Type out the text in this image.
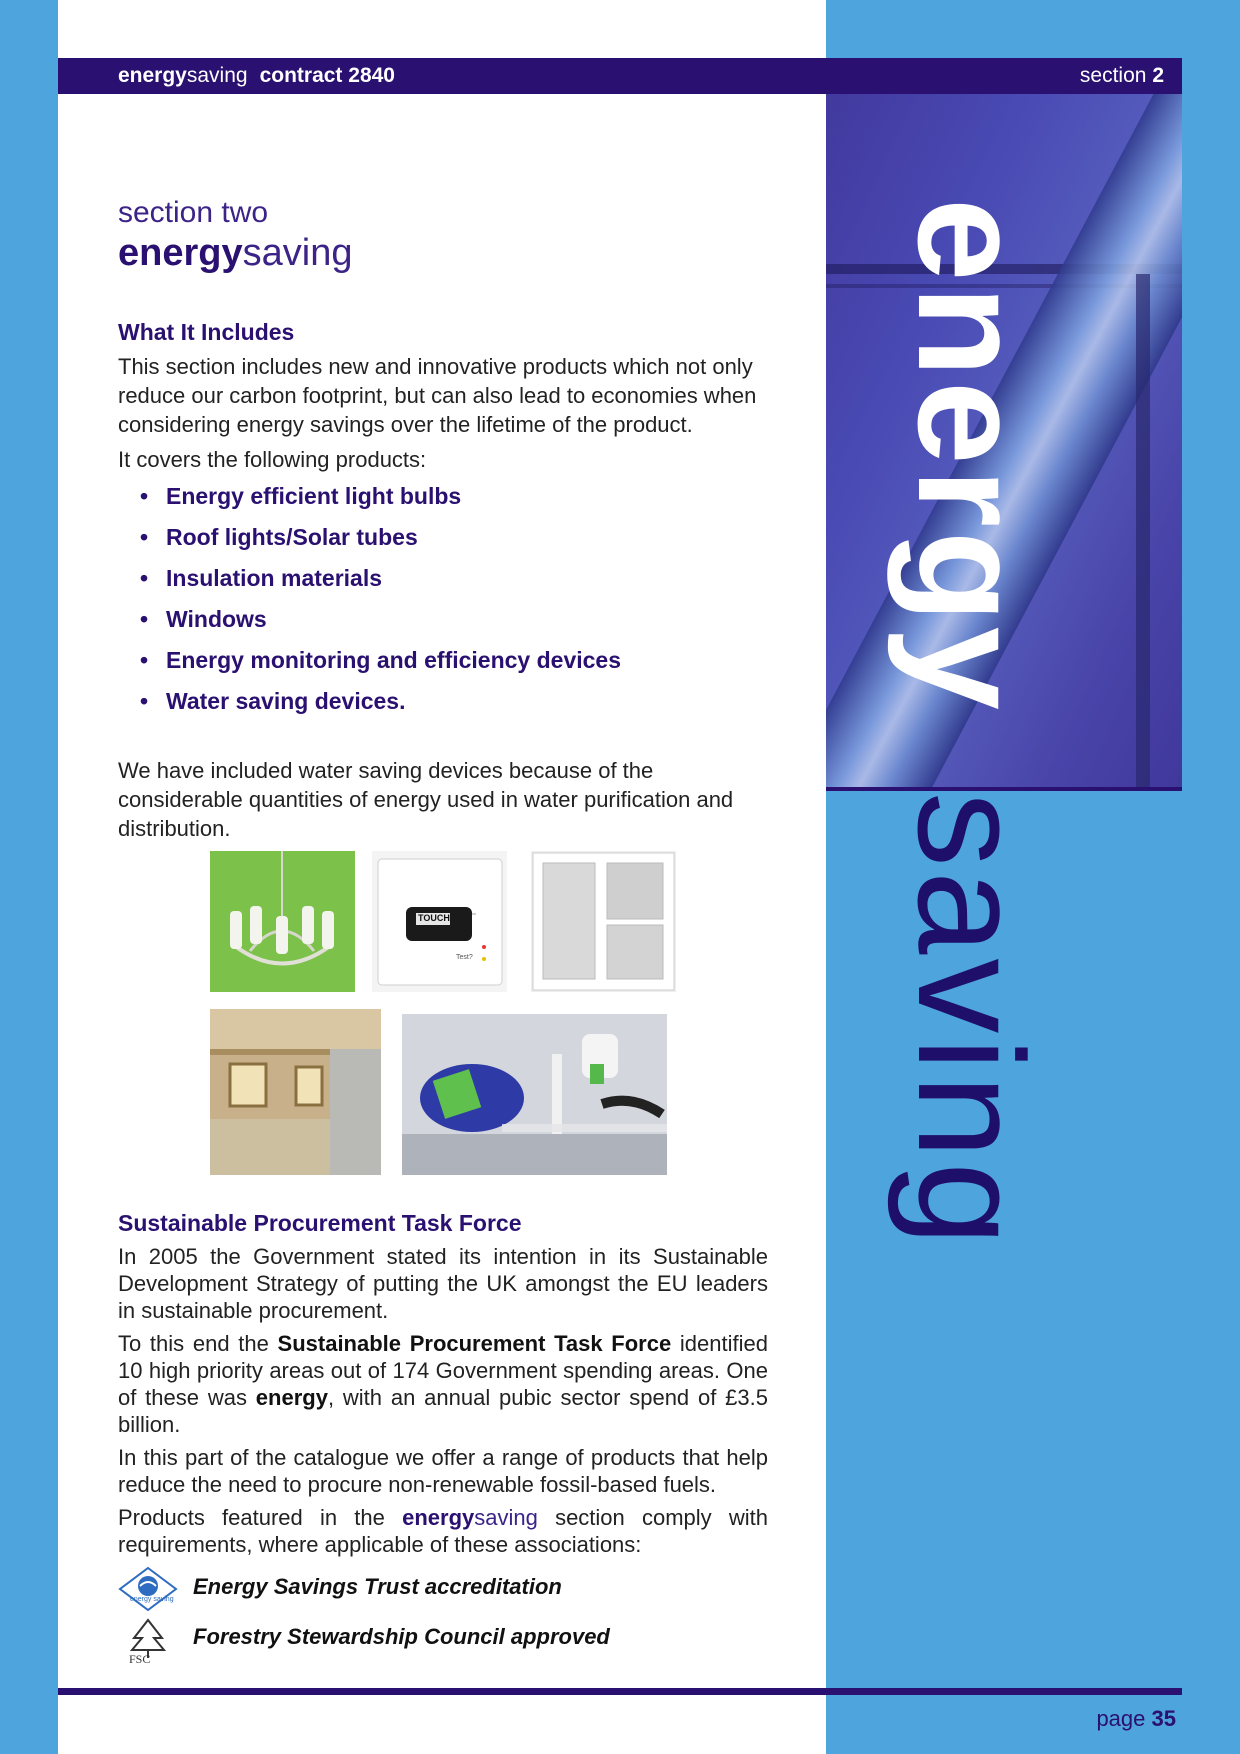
energysaving contract 2840	section 2
energy
saving

section two

energysaving

What It Includes

This section includes new and innovative products which not only reduce our carbon footprint, but can also lead to economies when considering energy savings over the lifetime of the product.

It covers the following products:

• Energy efficient light bulbs
• Roof lights/Solar tubes
• Insulation materials
• Windows
• Energy monitoring and efficiency devices
• Water saving devices.

We have included water saving devices because of the considerable quantities of energy used in water purification and distribution.

TOUCH
Test?
Sustainable Procurement Task Force

In 2005 the Government stated its intention in its Sustainable Development Strategy of putting the UK amongst the EU leaders in sustainable procurement.

To this end the Sustainable Procurement Task Force identified 10 high priority areas out of 174 Government spending areas. One of these was energy, with an annual pubic sector spend of £3.5 billion.

In this part of the catalogue we offer a range of products that help reduce the need to procure non-renewable fossil-based fuels.

Products featured in the energysaving section comply with requirements, where applicable of these associations:

energy saving
Energy Savings Trust accreditation
FSC
Forestry Stewardship Council approved
page 35
